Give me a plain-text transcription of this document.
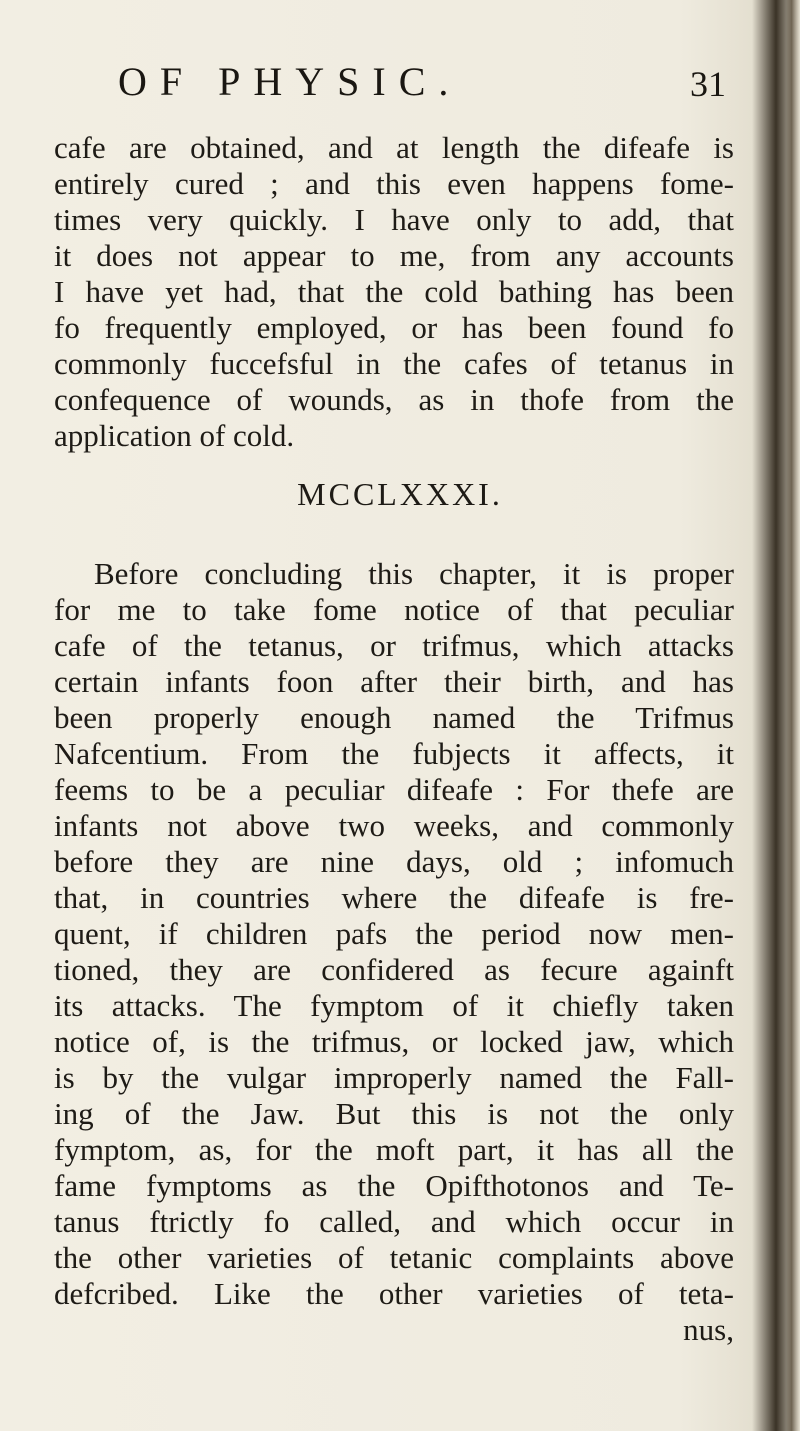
OF PHYSIC.	31
cafe are obtained, and at length the difeafe is
entirely cured ; and this even happens fome-
times very quickly. I have only to add, that
it does not appear to me, from any accounts
I have yet had, that the cold bathing has been
fo frequently employed, or has been found fo
commonly fuccefsful in the cafes of tetanus in
confequence of wounds, as in thofe from the
application of cold.
MCCLXXXI.
Before concluding this chapter, it is proper
for me to take fome notice of that peculiar
cafe of the tetanus, or trifmus, which attacks
certain infants foon after their birth, and has
been properly enough named the Trifmus
Nafcentium. From the fubjects it affects, it
feems to be a peculiar difeafe : For thefe are
infants not above two weeks, and commonly
before they are nine days, old ; infomuch
that, in countries where the difeafe is fre-
quent, if children pafs the period now men-
tioned, they are confidered as fecure againft
its attacks. The fymptom of it chiefly taken
notice of, is the trifmus, or locked jaw, which
is by the vulgar improperly named the Fall-
ing of the Jaw. But this is not the only
fymptom, as, for the moft part, it has all the
fame fymptoms as the Opifthotonos and Te-
tanus ftrictly fo called, and which occur in
the other varieties of tetanic complaints above
defcribed. Like the other varieties of teta-
nus,
